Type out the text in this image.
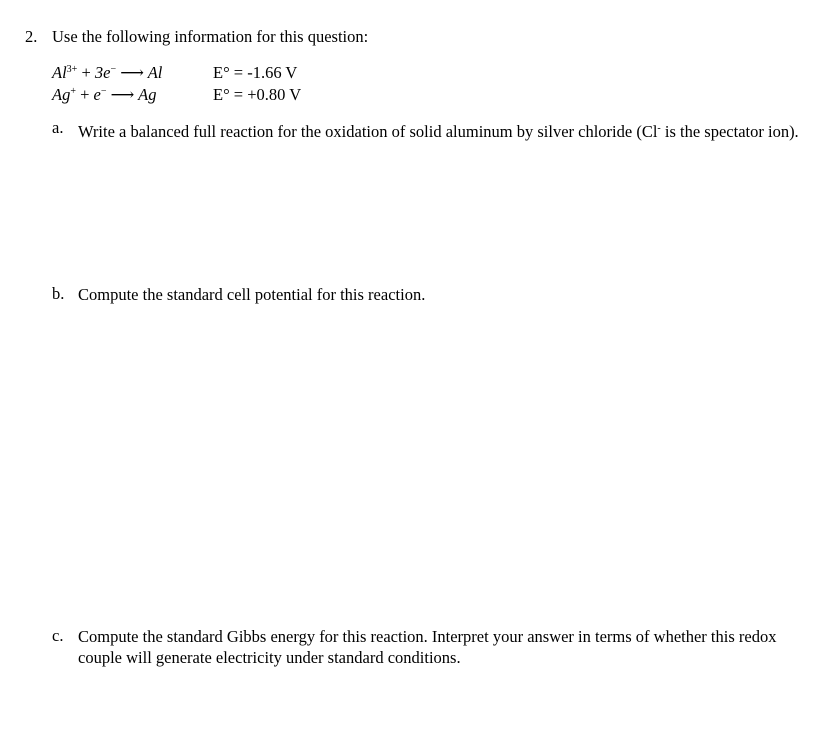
2. Use the following information for this question:
$Al^{3+} + 3e^-$ ⟶ Al	E° = -1.66 V
Ag+ + e− ⟶ Ag	E° = +0.80 V
a. Write a balanced full reaction for the oxidation of solid aluminum by silver chloride (Cl- is the spectator ion).
b. Compute the standard cell potential for this reaction.
c. Compute the standard Gibbs energy for this reaction. Interpret your answer in terms of whether this redox couple will generate electricity under standard conditions.
